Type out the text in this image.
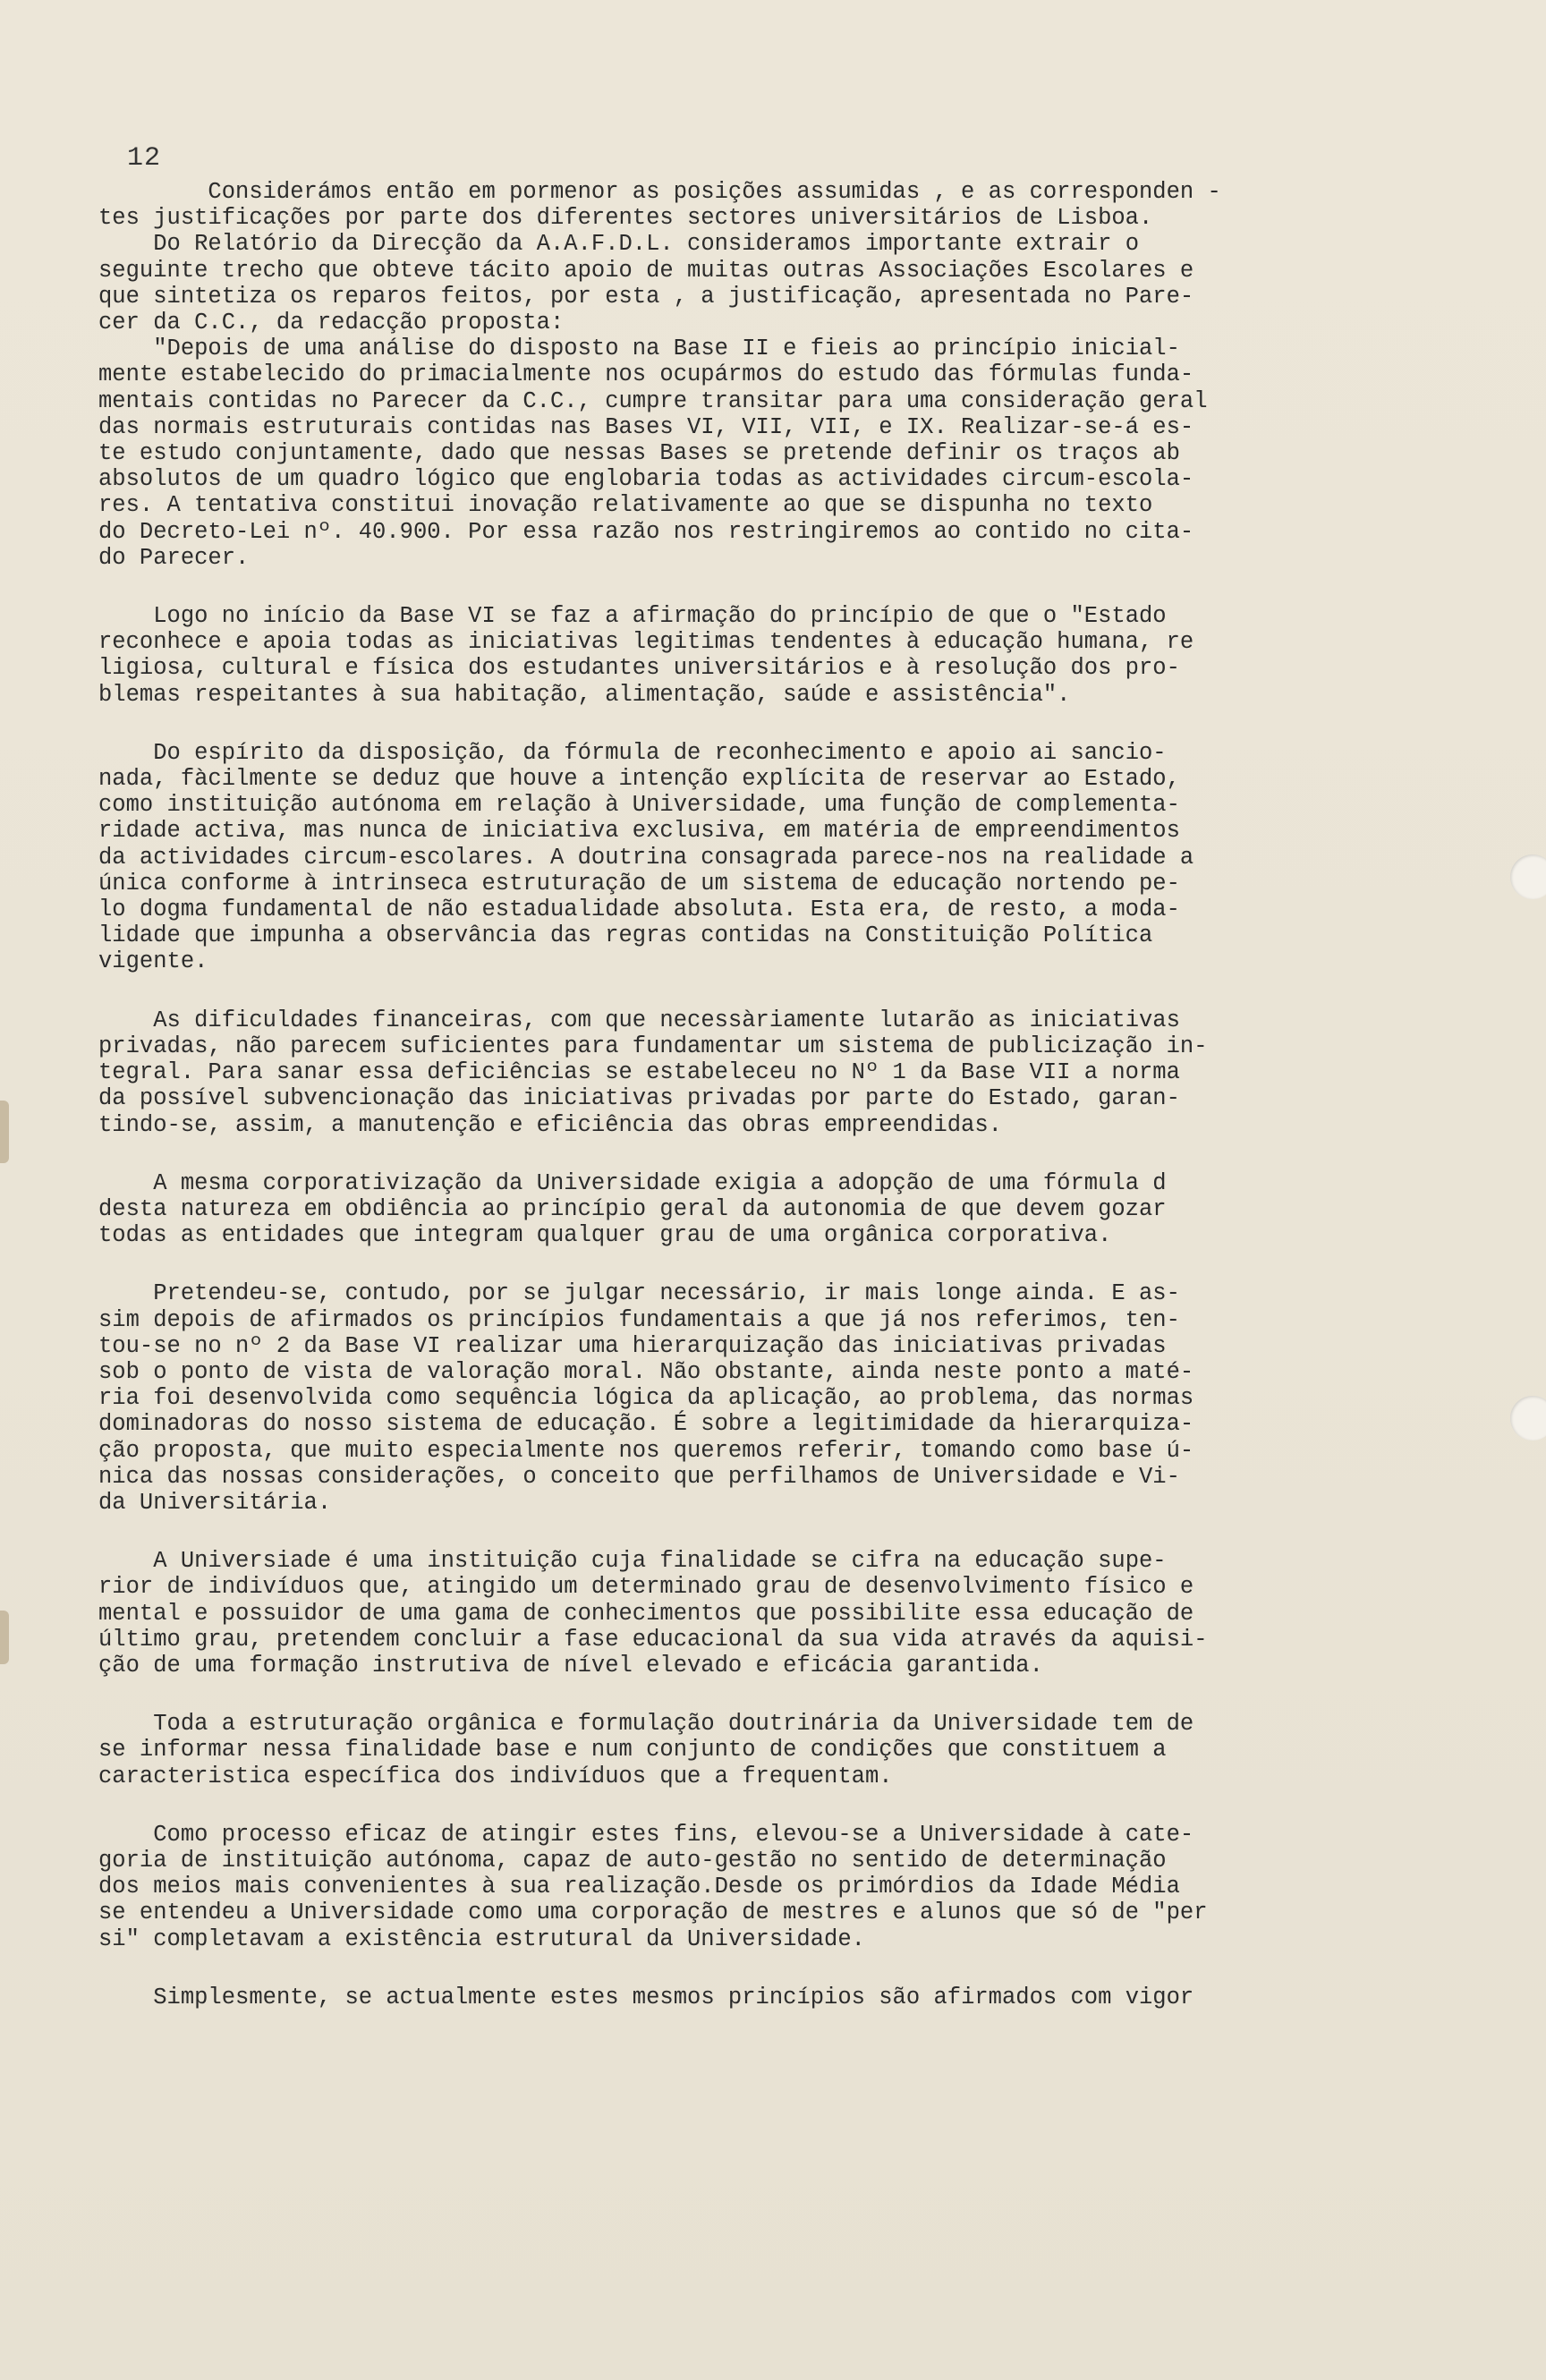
12

Considerámos então em pormenor as posições assumidas , e as corresponden -
tes justificações por parte dos diferentes sectores universitários de Lisboa.
Do Relatório da Direcção da A.A.F.D.L. consideramos importante extrair o
seguinte trecho que obteve tácito apoio de muitas outras Associações Escolares e
que sintetiza os reparos feitos, por esta , a justificação, apresentada no Pare-
cer da C.C., da redacção proposta:
"Depois de uma análise do disposto na Base II e fieis ao princípio inicial-
mente estabelecido do primacialmente nos ocupármos do estudo das fórmulas funda-
mentais contidas no Parecer da C.C., cumpre transitar para uma consideração geral
das normais estruturais contidas nas Bases VI, VII, VII, e IX. Realizar-se-á es-
te estudo conjuntamente, dado que nessas Bases se pretende definir os traços ab
absolutos de um quadro lógico que englobaria todas as actividades circum-escola-
res. A tentativa constitui inovação relativamente ao que se dispunha no texto
do Decreto-Lei nº. 40.900. Por essa razão nos restringiremos ao contido no cita-
do Parecer.

Logo no início da Base VI se faz a afirmação do princípio de que o "Estado
reconhece e apoia todas as iniciativas legitimas tendentes à educação humana, re
ligiosa, cultural e física dos estudantes universitários e à resolução dos pro-
blemas respeitantes à sua habitação, alimentação, saúde e assistência".

Do espírito da disposição, da fórmula de reconhecimento e apoio ai sancio-
nada, fàcilmente se deduz que houve a intenção explícita de reservar ao Estado,
como instituição autónoma em relação à Universidade, uma função de complementa-
ridade activa, mas nunca de iniciativa exclusiva, em matéria de empreendimentos
da actividades circum-escolares. A doutrina consagrada parece-nos na realidade a
única conforme à intrinseca estruturação de um sistema de educação nortendo pe-
lo dogma fundamental de não estadualidade absoluta. Esta era, de resto, a moda-
lidade que impunha a observância das regras contidas na Constituição Política
vigente.

As dificuldades financeiras, com que necessàriamente lutarão as iniciativas
privadas, não parecem suficientes para fundamentar um sistema de publicização in-
tegral. Para sanar essa deficiências se estabeleceu no Nº 1 da Base VII a norma
da possível subvencionação das iniciativas privadas por parte do Estado, garan-
tindo-se, assim, a manutenção e eficiência das obras empreendidas.

A mesma corporativização da Universidade exigia a adopção de uma fórmula d
desta natureza em obdiência ao princípio geral da autonomia de que devem gozar
todas as entidades que integram qualquer grau de uma orgânica corporativa.

Pretendeu-se, contudo, por se julgar necessário, ir mais longe ainda. E as-
sim depois de afirmados os princípios fundamentais a que já nos referimos, ten-
tou-se no nº 2 da Base VI realizar uma hierarquização das iniciativas privadas
sob o ponto de vista de valoração moral. Não obstante, ainda neste ponto a maté-
ria foi desenvolvida como sequência lógica da aplicação, ao problema, das normas
dominadoras do nosso sistema de educação. É sobre a legitimidade da hierarquiza-
ção proposta, que muito especialmente nos queremos referir, tomando como base ú-
nica das nossas considerações, o conceito que perfilhamos de Universidade e Vi-
da Universitária.

A Universiade é uma instituição cuja finalidade se cifra na educação supe-
rior de indivíduos que, atingido um determinado grau de desenvolvimento físico e
mental e possuidor de uma gama de conhecimentos que possibilite essa educação de
último grau, pretendem concluir a fase educacional da sua vida através da aquisi-
ção de uma formação instrutiva de nível elevado e eficácia garantida.

Toda a estruturação orgânica e formulação doutrinária da Universidade tem de
se informar nessa finalidade base e num conjunto de condições que constituem a
caracteristica específica dos indivíduos que a frequentam.

Como processo eficaz de atingir estes fins, elevou-se a Universidade à cate-
goria de instituição autónoma, capaz de auto-gestão no sentido de determinação
dos meios mais convenientes à sua realização.Desde os primórdios da Idade Média
se entendeu a Universidade como uma corporação de mestres e alunos que só de "per
si" completavam a existência estrutural da Universidade.

Simplesmente, se actualmente estes mesmos princípios são afirmados com vigor
